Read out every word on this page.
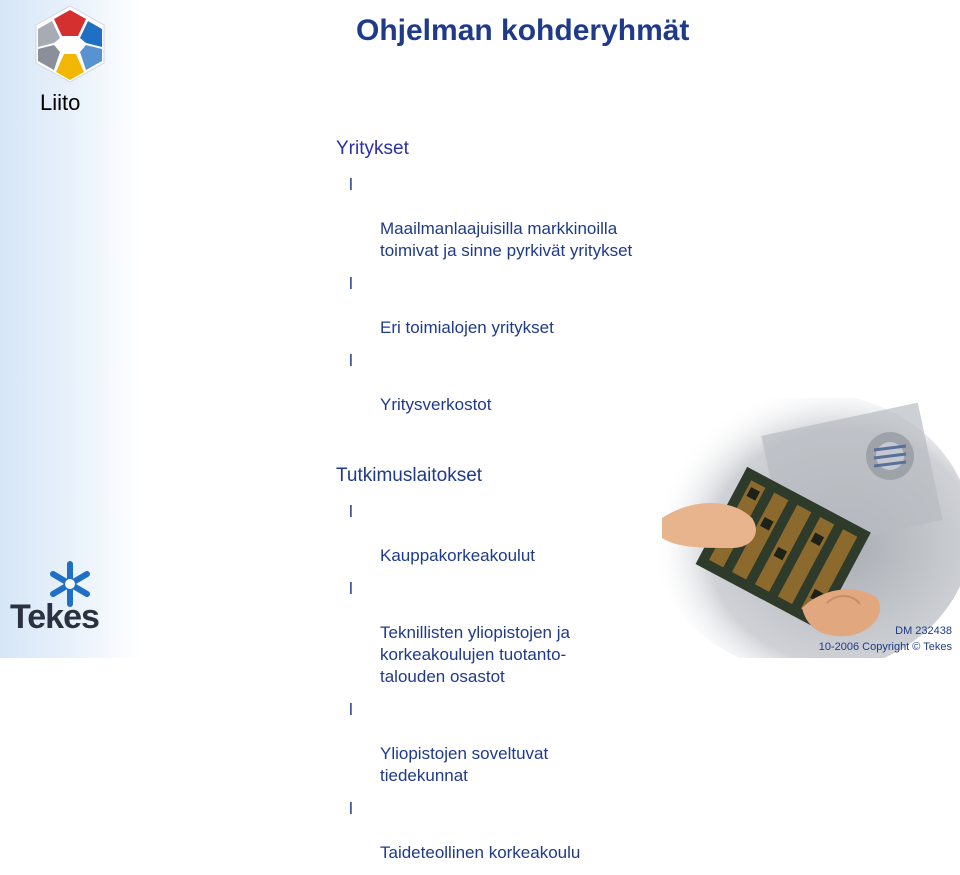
Liito
Ohjelman kohderyhmät
Yritykset

l

Maailmanlaajuisilla markkinoilla
toimivat ja sinne pyrkivät yritykset

l

Eri toimialojen yritykset

l

Yritysverkostot

Tutkimuslaitokset

l

Kauppakorkeakoulut

l

Teknillisten yliopistojen ja
korkeakoulujen tuotanto-
talouden osastot

l

Yliopistojen soveltuvat
tiedekunnat

l

Taideteollinen korkeakoulu

Tekes	DM 232438
10-2006 Copyright © Tekes
